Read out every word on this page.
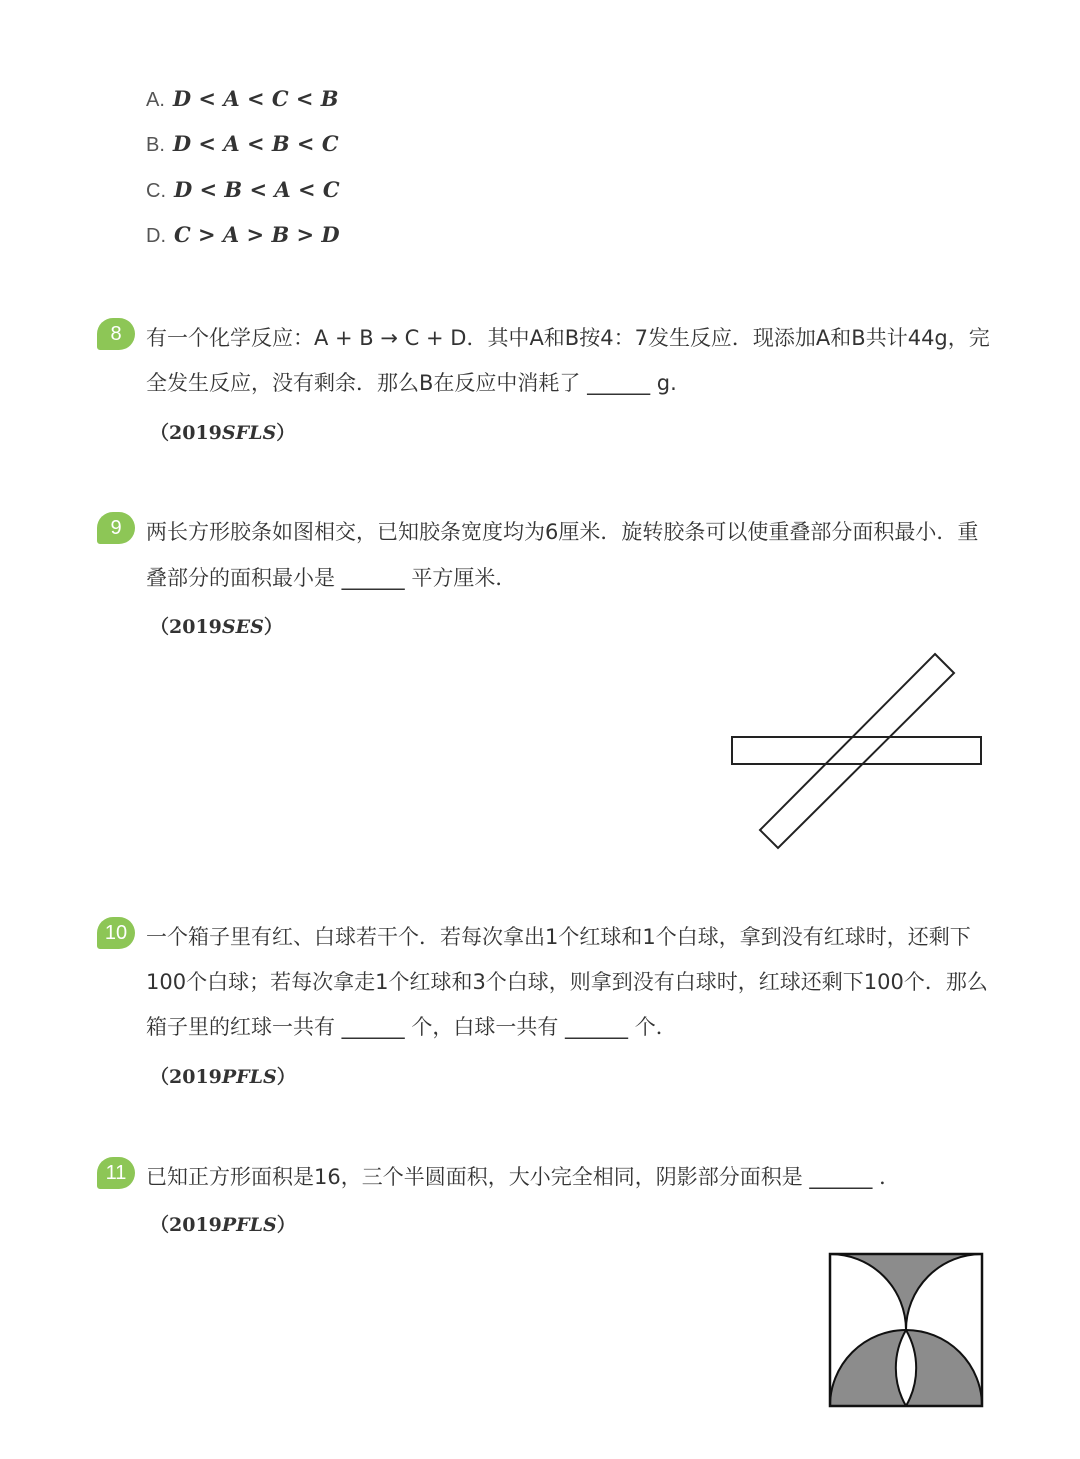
A. D < A < C < B
B. D < A < B < C
C. D < B < A < C
D. C > A > B > D
8	有一个化学反应：A + B → C + D．其中A和B按4：7发生反应．现添加A和B共计44g，完
全发生反应，没有剩余．那么B在反应中消耗了 ______ g.
（2019SFLS）
9	两长方形胶条如图相交，已知胶条宽度均为6厘米．旋转胶条可以使重叠部分面积最小．重
叠部分的面积最小是 ______ 平方厘米．
（2019SES）
10 一个箱子里有红、白球若干个．若每次拿出1个红球和1个白球，拿到没有红球时，还剩下
100个白球；若每次拿走1个红球和3个白球，则拿到没有白球时，红球还剩下100个．那么
箱子里的红球一共有 ______ 个，白球一共有 ______ 个．
（2019PFLS）
11 已知正方形面积是16，三个半圆面积，大小完全相同，阴影部分面积是 ______ ．
（2019PFLS）
